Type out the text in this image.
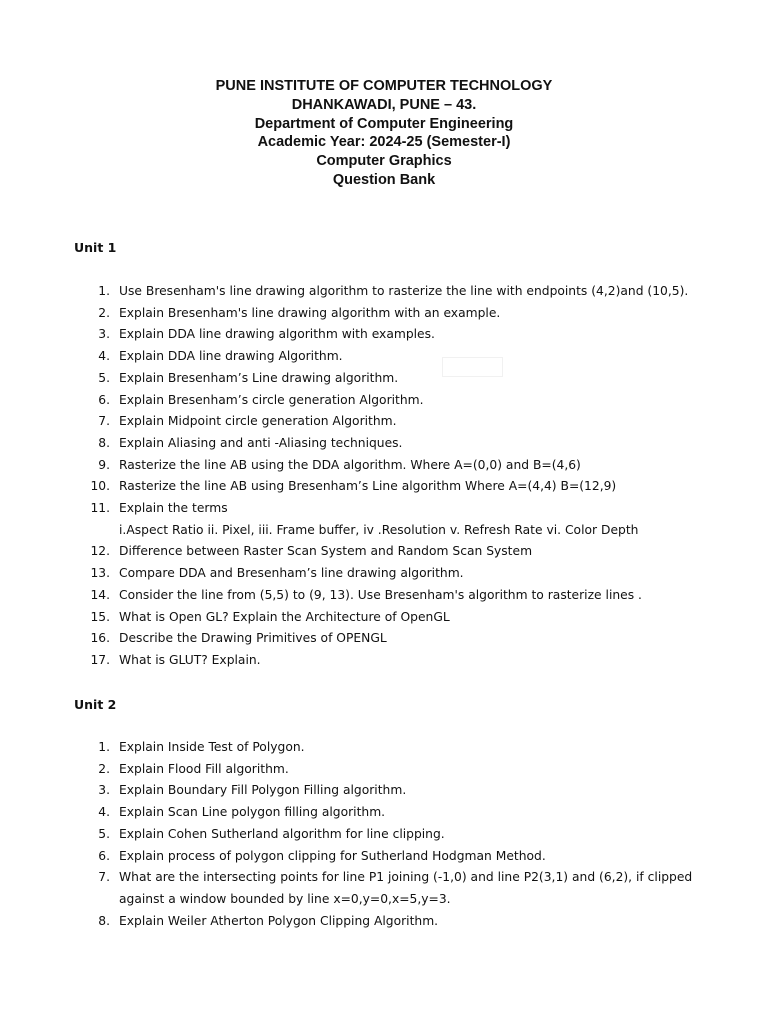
PUNE INSTITUTE OF COMPUTER TECHNOLOGY
DHANKAWADI, PUNE – 43.
Department of Computer Engineering
Academic Year: 2024-25 (Semester-I)
Computer Graphics
Question Bank
Unit 1
1. Use Bresenham's line drawing algorithm to rasterize the line with endpoints (4,2)and (10,5).
2. Explain Bresenham's line drawing algorithm with an example.
3. Explain DDA line drawing algorithm with examples.
4. Explain DDA line drawing Algorithm.
5. Explain Bresenham’s Line drawing algorithm.
6. Explain Bresenham’s circle generation Algorithm.
7. Explain Midpoint circle generation Algorithm.
8. Explain Aliasing and anti -Aliasing techniques.
9. Rasterize the line AB using the DDA algorithm. Where A=(0,0) and B=(4,6)
10. Rasterize the line AB using Bresenham’s Line algorithm Where A=(4,4) B=(12,9)
11. Explain the terms
i.Aspect Ratio ii. Pixel, iii. Frame buffer, iv .Resolution v. Refresh Rate vi. Color Depth
12. Difference between Raster Scan System and Random Scan System
13. Compare DDA and Bresenham’s line drawing algorithm.
14. Consider the line from (5,5) to (9, 13). Use Bresenham's algorithm to rasterize lines .
15. What is Open GL? Explain the Architecture of OpenGL
16. Describe the Drawing Primitives of OPENGL
17. What is GLUT? Explain.
Unit 2
1. Explain Inside Test of Polygon.
2. Explain Flood Fill algorithm.
3. Explain Boundary Fill Polygon Filling algorithm.
4. Explain Scan Line polygon filling algorithm.
5. Explain Cohen Sutherland algorithm for line clipping.
6. Explain process of polygon clipping for Sutherland Hodgman Method.
7. What are the intersecting points for line P1 joining (-1,0) and line P2(3,1) and (6,2), if clipped
against a window bounded by line x=0,y=0,x=5,y=3.
8. Explain Weiler Atherton Polygon Clipping Algorithm.
